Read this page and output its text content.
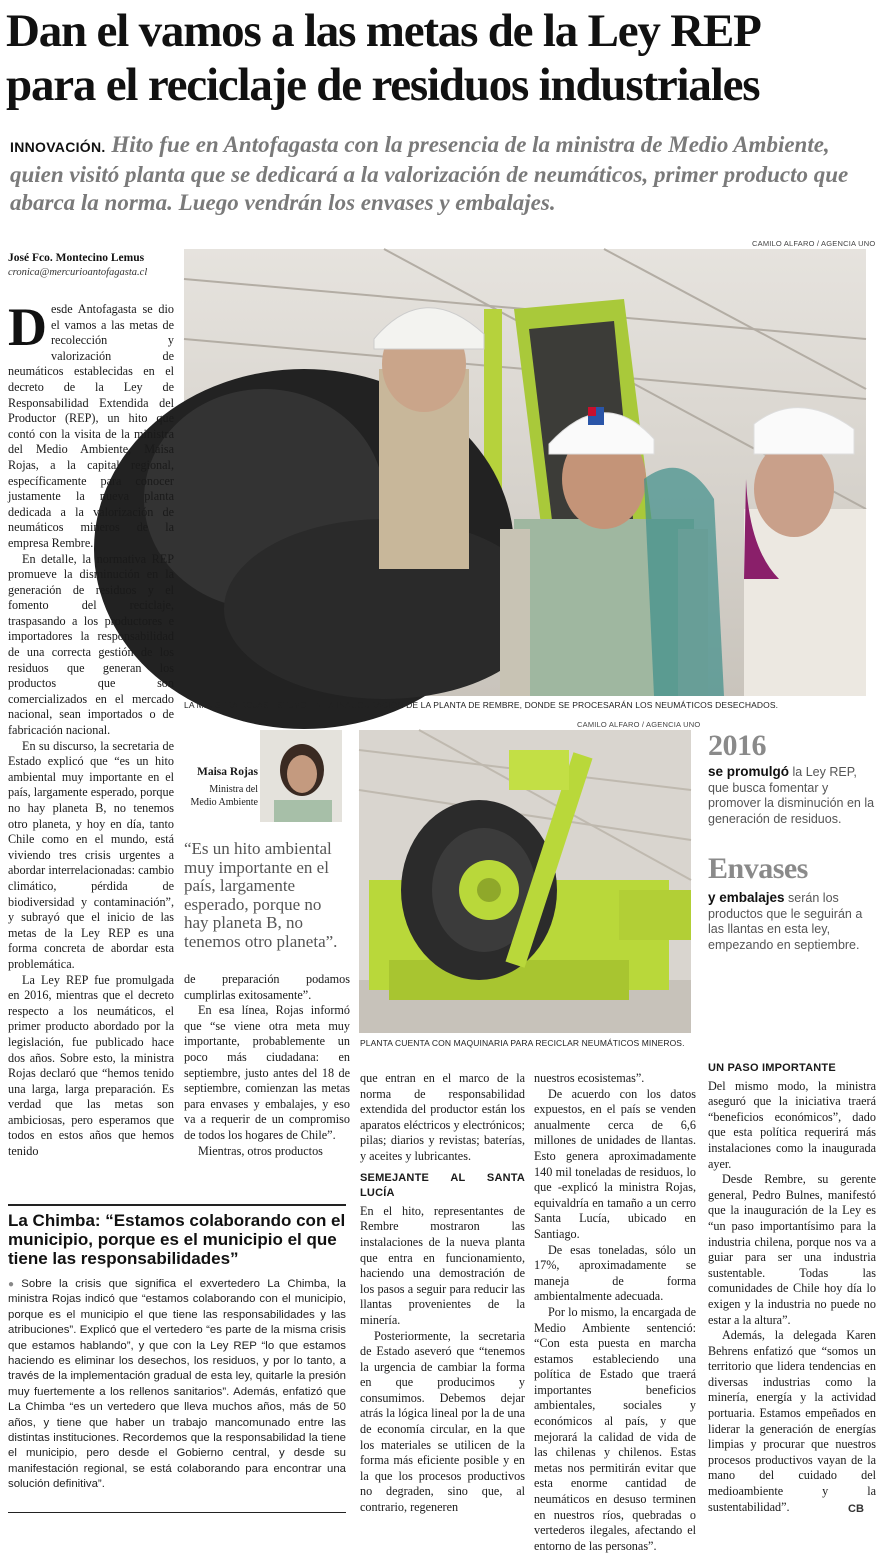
Dan el vamos a las metas de la Ley REP
para el reciclaje de residuos industriales
INNOVACIÓN. Hito fue en Antofagasta con la presencia de la ministra de Medio Ambiente, quien visitó planta que se dedicará a la valorización de neumáticos, primer producto que abarca la norma. Luego vendrán los envases y embalajes.
José Fco. Montecino Lemus
cronica@mercurioantofagasta.cl
CAMILO ALFARO / AGENCIA UNO
LA MINISTRA ROJAS ESTUVO EN LA INAUGURACIÓN DE LA PLANTA DE REMBRE, DONDE SE PROCESARÁN LOS NEUMÁTICOS DESECHADOS.
CAMILO ALFARO / AGENCIA UNO
PLANTA CUENTA CON MAQUINARIA PARA RECICLAR NEUMÁTICOS MINEROS.
Maisa Rojas
Ministra del Medio Ambiente
“Es un hito ambiental muy importante en el país, largamente esperado, porque no hay planeta B, no tenemos otro planeta”.
2016
se promulgó la Ley REP, que busca fomentar y promover la disminución en la generación de residuos.
Envases
y embalajes serán los productos que le seguirán a las llantas en esta ley, empezando en septiembre.

Desde Antofagasta se dio el vamos a las metas de recolección y valorización de neumáticos establecidas en el decreto de la Ley de Responsabilidad Extendida del Productor (REP), un hito que contó con la visita de la ministra del Medio Ambiente, Maisa Rojas, a la capital regional, específicamente para conocer justamente la nueva planta dedicada a la valorización de neumáticos mineros de la empresa Rembre.

En detalle, la normativa REP promueve la disminución en la generación de residuos y el fomento del reciclaje, traspasando a los productores e importadores la responsabilidad de una correcta gestión de los residuos que generan los productos que son comercializados en el mercado nacional, sean importados o de fabricación nacional.

En su discurso, la secretaria de Estado explicó que “es un hito ambiental muy importante en el país, largamente esperado, porque no hay planeta B, no tenemos otro planeta, y hoy en día, tanto Chile como en el mundo, está viviendo tres crisis urgentes a abordar interrelacionadas: cambio climático, pérdida de biodiversidad y contaminación”, y subrayó que el inicio de las metas de la Ley REP es una forma concreta de abordar esta problemática.

La Ley REP fue promulgada en 2016, mientras que el decreto respecto a los neumáticos, el primer producto abordado por la legislación, fue publicado hace dos años. Sobre esto, la ministra Rojas declaró que “hemos tenido una larga, larga preparación. Es verdad que las metas son ambiciosas, pero esperamos que todos en estos años que hemos tenido

de preparación podamos cumplirlas exitosamente”.

En esa línea, Rojas informó que “se viene otra meta muy importante, probablemente un poco más ciudadana: en septiembre, justo antes del 18 de septiembre, comienzan las metas para envases y embalajes, y eso va a requerir de un compromiso de todos los hogares de Chile”.

Mientras, otros productos

que entran en el marco de la norma de responsabilidad extendida del productor están los aparatos eléctricos y electrónicos; pilas; diarios y revistas; baterías, y aceites y lubricantes.

SEMEJANTE AL SANTA LUCÍA

En el hito, representantes de Rembre mostraron las instalaciones de la nueva planta que entra en funcionamiento, haciendo una demostración de los pasos a seguir para reducir las llantas provenientes de la minería.

Posteriormente, la secretaria de Estado aseveró que “tenemos la urgencia de cambiar la forma en que producimos y consumimos. Debemos dejar atrás la lógica lineal por la de una de economía circular, en la que los materiales se utilicen de la forma más eficiente posible y en la que los procesos productivos no degraden, sino que, al contrario, regeneren

nuestros ecosistemas”.

De acuerdo con los datos expuestos, en el país se venden anualmente cerca de 6,6 millones de unidades de llantas. Esto genera aproximadamente 140 mil toneladas de residuos, lo que -explicó la ministra Rojas, equivaldría en tamaño a un cerro Santa Lucía, ubicado en Santiago.

De esas toneladas, sólo un 17%, aproximadamente se maneja de forma ambientalmente adecuada.

Por lo mismo, la encargada de Medio Ambiente sentenció: “Con esta puesta en marcha estamos estableciendo una política de Estado que traerá importantes beneficios ambientales, sociales y económicos al país, y que mejorará la calidad de vida de las chilenas y chilenos. Estas metas nos permitirán evitar que esta enorme cantidad de neumáticos en desuso terminen en nuestros ríos, quebradas o vertederos ilegales, afectando el entorno de las personas”.

UN PASO IMPORTANTE

Del mismo modo, la ministra aseguró que la iniciativa traerá “beneficios económicos”, dado que esta política requerirá más instalaciones como la inaugurada ayer.

Desde Rembre, su gerente general, Pedro Bulnes, manifestó que la inauguración de la Ley es “un paso importantísimo para la industria chilena, porque nos va a guiar para ser una industria sustentable. Todas las comunidades de Chile hoy día lo exigen y la industria no puede no estar a la altura”.

Además, la delegada Karen Behrens enfatizó que “somos un territorio que lidera tendencias en diversas industrias como la minería, energía y la actividad portuaria. Estamos empeñados en liderar la generación de energías limpias y procurar que nuestros procesos productivos vayan de la mano del cuidado del medioambiente y la sustentabilidad”.

La Chimba: “Estamos colaborando con el municipio, porque es el municipio el que tiene las responsabilidades”
● Sobre la crisis que significa el exvertedero La Chimba, la ministra Rojas indicó que “estamos colaborando con el municipio, porque es el municipio el que tiene las responsabilidades y las atribuciones”. Explicó que el vertedero “es parte de la misma crisis que estamos hablando”, y que con la Ley REP “lo que estamos haciendo es eliminar los desechos, los residuos, y por lo tanto, a través de la implementación gradual de esta ley, quitarle la presión muy fuertemente a los rellenos sanitarios”. Además, enfatizó que La Chimba “es un vertedero que lleva muchos años, más de 50 años, y tiene que haber un trabajo mancomunado entre las distintas instituciones. Recordemos que la responsabilidad la tiene el municipio, pero desde el Gobierno central, y desde su manifestación regional, se está colaborando para encontrar una solución definitiva”.
CB
